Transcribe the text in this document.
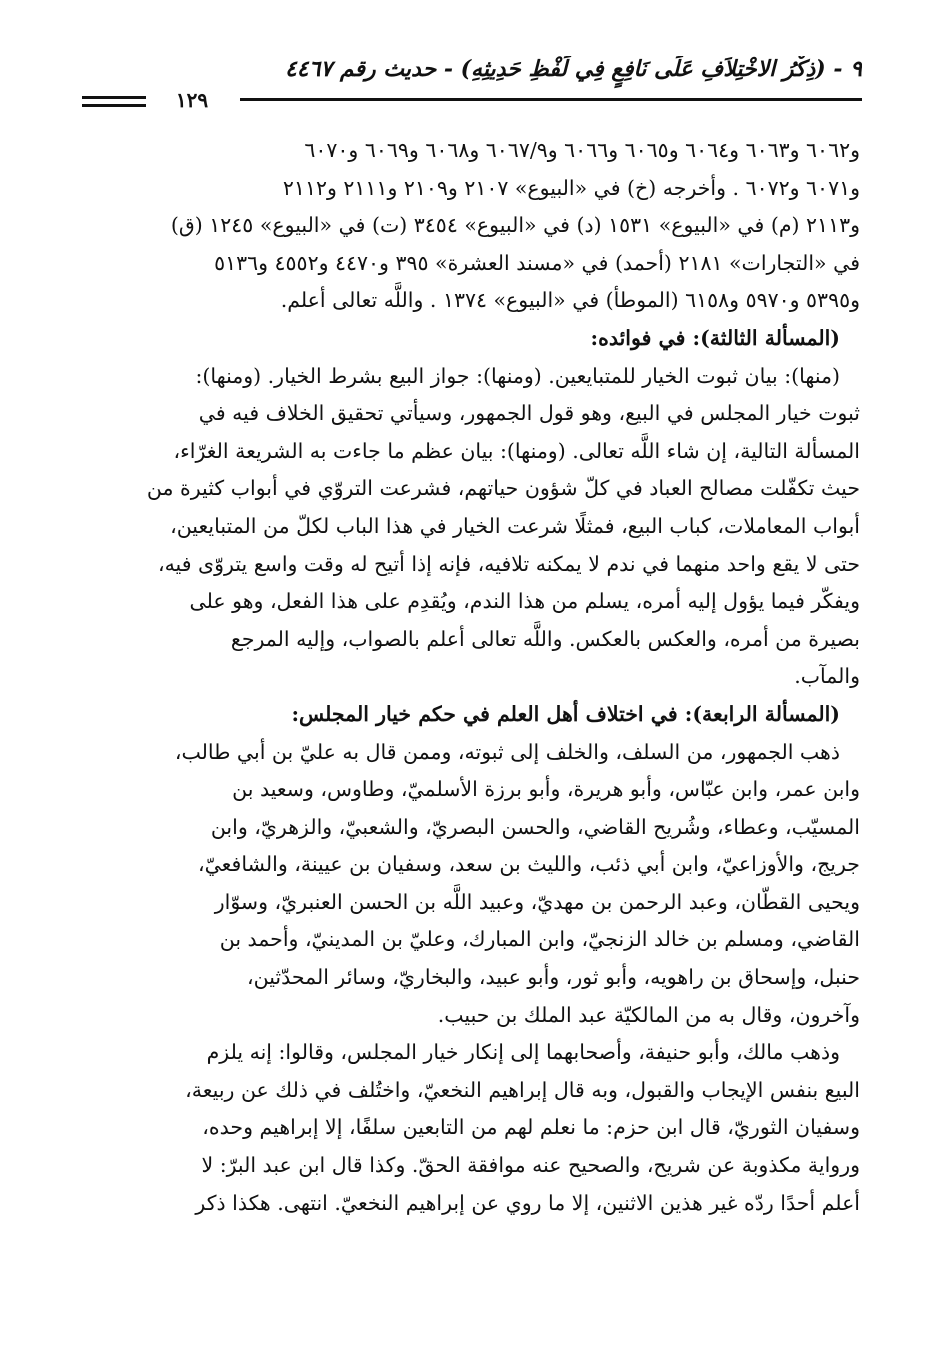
٩ - (ذِكْرُ الاخْتِلاَفِ عَلَى نَافِعٍ فِي لَفْظِ حَدِيثِهِ) - حديث رقم ٤٤٦٧
١٢٩
و٦٠٦٢ و٦٠٦٣ و٦٠٦٤ و٦٠٦٥ و٦٠٦٦ و٦٠٦٧/٩ و٦٠٦٨ و٦٠٦٩ و٦٠٧٠
و٦٠٧١ و٦٠٧٢ . وأخرجه (خ) في «البيوع» ٢١٠٧ و٢١٠٩ و٢١١١ و٢١١٢
و٢١١٣ (م) في «البيوع» ١٥٣١ (د) في «البيوع» ٣٤٥٤ (ت) في «البيوع» ١٢٤٥ (ق)
في «التجارات» ٢١٨١ (أحمد) في «مسند العشرة» ٣٩٥ و٤٤٧٠ و٤٥٥٢ و٥١٣٦
و٥٣٩٥ و٥٩٧٠ و٦١٥٨ (الموطأ) في «البيوع» ١٣٧٤ . واللَّه تعالى أعلم.
(المسألة الثالثة): في فوائده:
(منها): بيان ثبوت الخيار للمتبايعين. (ومنها): جواز البيع بشرط الخيار. (ومنها):
ثبوت خيار المجلس في البيع، وهو قول الجمهور، وسيأتي تحقيق الخلاف فيه في
المسألة التالية، إن شاء اللَّه تعالى. (ومنها): بيان عظم ما جاءت به الشريعة الغرّاء،
حيث تكفّلت مصالح العباد في كلّ شؤون حياتهم، فشرعت التروّي في أبواب كثيرة من
أبواب المعاملات، كباب البيع، فمثلًا شرعت الخيار في هذا الباب لكلّ من المتبايعين،
حتى لا يقع واحد منهما في ندم لا يمكنه تلافيه، فإنه إذا أتيح له وقت واسع يتروّى فيه،
ويفكّر فيما يؤول إليه أمره، يسلم من هذا الندم، ويُقدِم على هذا الفعل، وهو على
بصيرة من أمره، والعكس بالعكس. واللَّه تعالى أعلم بالصواب، وإليه المرجع
والمآب.
(المسألة الرابعة): في اختلاف أهل العلم في حكم خيار المجلس:
ذهب الجمهور، من السلف، والخلف إلى ثبوته، وممن قال به عليّ بن أبي طالب،
وابن عمر، وابن عبّاس، وأبو هريرة، وأبو برزة الأسلميّ، وطاوس، وسعيد بن
المسيّب، وعطاء، وشُريح القاضي، والحسن البصريّ، والشعبيّ، والزهريّ، وابن
جريج، والأوزاعيّ، وابن أبي ذئب، والليث بن سعد، وسفيان بن عيينة، والشافعيّ،
ويحيى القطّان، وعبد الرحمن بن مهديّ، وعبيد اللَّه بن الحسن العنبريّ، وسوّار
القاضي، ومسلم بن خالد الزنجيّ، وابن المبارك، وعليّ بن المدينيّ، وأحمد بن
حنبل، وإسحاق بن راهويه، وأبو ثور، وأبو عبيد، والبخاريّ، وسائر المحدّثين،
وآخرون، وقال به من المالكيّة عبد الملك بن حبيب.
وذهب مالك، وأبو حنيفة، وأصحابهما إلى إنكار خيار المجلس، وقالوا: إنه يلزم
البيع بنفس الإيجاب والقبول، وبه قال إبراهيم النخعيّ، واختُلف في ذلك عن ربيعة،
وسفيان الثوريّ، قال ابن حزم: ما نعلم لهم من التابعين سلفًا، إلا إبراهيم وحده،
ورواية مكذوبة عن شريح، والصحيح عنه موافقة الحقّ. وكذا قال ابن عبد البرّ: لا
أعلم أحدًا ردّه غير هذين الاثنين، إلا ما روي عن إبراهيم النخعيّ. انتهى. هكذا ذكر
